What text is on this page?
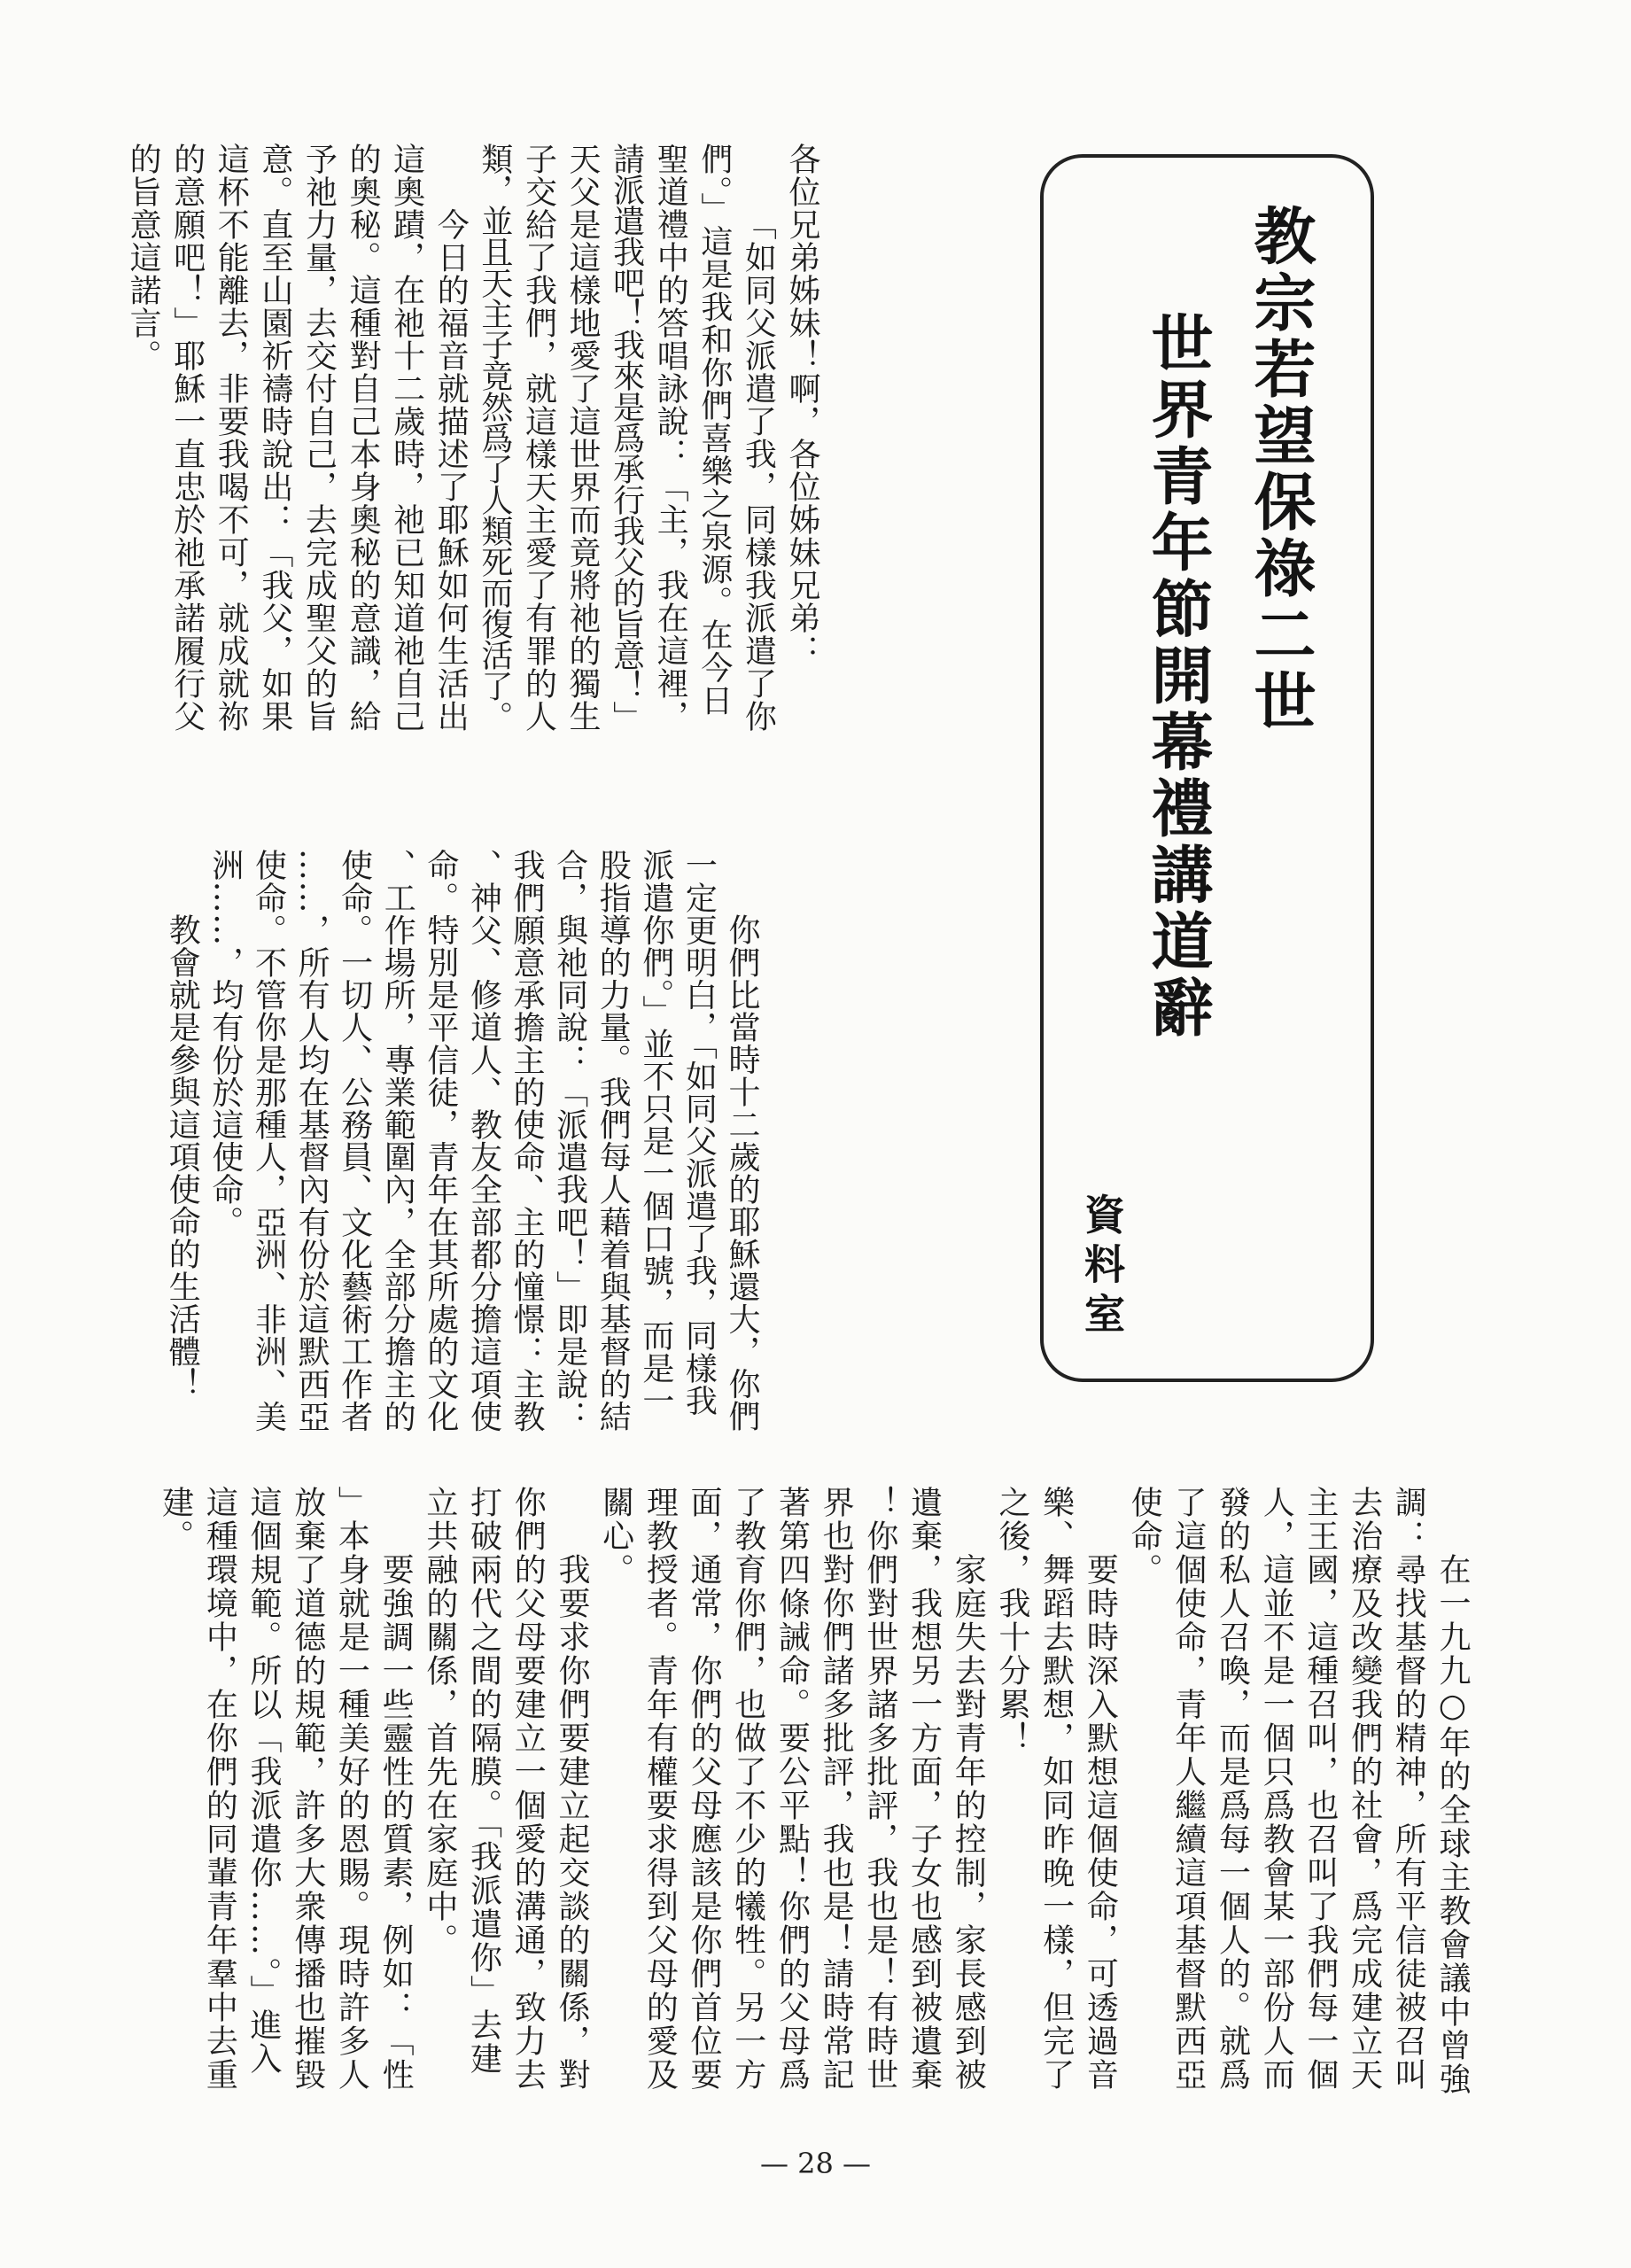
教宗若望保祿二世
世界青年節開幕禮講道辭
資料室
各位兄弟姊妹！啊，各位姊妹兄弟：
「如同父派遣了我，同樣我派遣了你
們。」這是我和你們喜樂之泉源。在今日
聖道禮中的答唱詠說：「主，我在這裡，
請派遣我吧！我來是爲承行我父的旨意！」
天父是這樣地愛了這世界而竟將祂的獨生
子交給了我們，就這樣天主愛了有罪的人
類，並且天主子竟然爲了人類死而復活了。
今日的福音就描述了耶穌如何生活出
這奧蹟，在祂十二歲時，祂已知道祂自己
的奧秘。這種對自己本身奧秘的意識，給
予祂力量，去交付自己，去完成聖父的旨
意。直至山園祈禱時說出：「我父，如果
這杯不能離去，非要我喝不可，就成就祢
的意願吧！」耶穌一直忠於祂承諾履行父
的旨意這諾言。
你們比當時十二歲的耶穌還大，你們
一定更明白，「如同父派遣了我，同樣我
派遣你們。」並不只是一個口號，而是一
股指導的力量。我們每人藉着與基督的結
合，與祂同說：「派遣我吧！」即是說：
我們願意承擔主的使命、主的憧憬：主教
、神父、修道人、教友全部都分擔這項使
命。特別是平信徒，青年在其所處的文化
、工作場所，專業範圍內，全部分擔主的
使命。一切人、公務員、文化藝術工作者
……，所有人均在基督內有份於這默西亞
使命。不管你是那種人，亞洲、非洲、美
洲……，均有份於這使命。
教會就是參與這項使命的生活體！
在一九九○年的全球主教會議中曾強
調：尋找基督的精神，所有平信徒被召叫
去治療及改變我們的社會，爲完成建立天
主王國，這種召叫，也召叫了我們每一個
人，這並不是一個只爲教會某一部份人而
發的私人召喚，而是爲每一個人的。就爲
了這個使命，青年人繼續這項基督默西亞
使命。
要時時深入默想這個使命，可透過音
樂、舞蹈去默想，如同昨晚一樣，但完了
之後，我十分累！
家庭失去對青年的控制，家長感到被
遺棄，我想另一方面，子女也感到被遺棄
！你們對世界諸多批評，我也是！有時世
界也對你們諸多批評，我也是！請時常記
著第四條誡命。要公平點！你們的父母爲
了教育你們，也做了不少的犧牲。另一方
面，通常，你們的父母應該是你們首位要
理教授者。青年有權要求得到父母的愛及
關心。
我要求你們要建立起交談的關係，對
你們的父母要建立一個愛的溝通，致力去
打破兩代之間的隔膜。「我派遣你」去建
立共融的關係，首先在家庭中。
要強調一些靈性的質素，例如：「性
」本身就是一種美好的恩賜。現時許多人
放棄了道德的規範，許多大衆傳播也摧毀
這個規範。所以「我派遣你……。」進入
這種環境中，在你們的同輩青年羣中去重
建。
— 28 —
